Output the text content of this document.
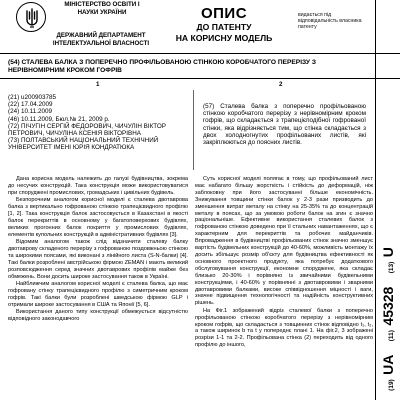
МІНІСТЕРСТВО ОСВІТИ І НАУКИ УКРАЇНИ
ДЕРЖАВНИЙ ДЕПАРТАМЕНТ ІНТЕЛЕКТУАЛЬНОЇ ВЛАСНОСТІ
ОПИС
ДО ПАТЕНТУ
НА КОРИСНУ МОДЕЛЬ
видається під відповідальність власника патенту
(54) СТАЛЕВА БАЛКА З ПОПЕРЕЧНО ПРОФІЛЬОВАНОЮ СТІНКОЮ КОРОБЧАТОГО ПЕРЕРІЗУ З НЕРІВНОМІРНИМ КРОКОМ ГОФРІВ
1	2
(21) u200903785
(22) 17.04.2009
(24) 10.11.2009
(46) 10.11.2009, Бюл.№ 21, 2009 р.
(72) ПІЧУГІН СЕРГІЙ ФЕДОРОВИЧ, ЧИЧУЛІН ВІКТОР ПЕТРОВИЧ, ЧИЧУЛІНА КСЕНІЯ ВІКТОРІВНА
(73) ПОЛТАВСЬКИЙ НАЦІОНАЛЬНИЙ ТЕХНІЧНИЙ УНІВЕРСИТЕТ ІМЕНІ ЮРІЯ КОНДРАТЮКА
(57) Сталева балка з поперечно профільованою стінкою коробчатого перерізу з нерівномірним кроком гофрів, що складається з трапецієподібної гофрованої стінки, яка відрізняється тим, що стінка складається з двох холодногнутих профільованих листів, які закріплюються до поясних листів.

Дана корисна модель належить до галузі будівництва, зокрема до несучих конструкцій. Така конструкція може використовуватися при споруджені промислових, громадських і цивільних будівель.

Безпорочним аналогом корисної моделі є сталева двотаврова балка з вертикально гофрованою стінкою трапецієвидного профілю [1, 2]. Така конструкція балок застосовується в Казахстані в якості балок перекриттів в основному у багатоповерхових будівлях, великих прогонних балок покриття у промислових будівлях, елементів купольних конструкцій в адміністративних будівлях [3].

Відомим аналогом також слід відзначити сталеву балку двотаврову складеного перерізу з гофрованою поздовжньою стінкою та широкими поясами, які виконані з лінійного листа (S-N-балки) [4]. Такі балки розроблені австрійською фірмою ZEMAN і мають великий розповсюдження серед значних двотаврових профілів майже без обмежень. Вони досить широке застосування також в Україні.

Найближчим аналогом корисної моделі є сталева балка, що має гофровану стінку трапецієвидного профілю з симетричним кроком гофрів. Такі балки були розроблені шведською фірмою GLP і отримали широке застосування в США та Японії [5, 6].

Використання даного типу конструкції обмежується відсутністю відповідного законодавчого

Суть корисної моделі полягає в тому, що профільований лист має набагато більшу жорсткість і стійкість до деформацій, ніж заблоковну при його застосуванні більше економічність. Знижування товщини стінки балок у 2-3 рази призводить до зменшення витрат металу на стінку на 25-35% та до концентрацій металу в поясах, що за умовою роботи балок на згин є значно раціональніше. Ефективне використання сталевих балок з гофрованою стінкою доведено при її стальних навантаженнях, що є характерним для перекриттів та робочих майданчиків. Впровадження в будівництві профільованих стінок значно зменшує вартість будівельних конструкцій до 40-60%, можливість монтажу їх досить збільшує розмір об'єкту для будівництва ефективності як основного проектного продукту, яка потребує додаткового обслуговування конструкції, економне споруджене, яка складає близько 20-30% і порівняно із звичайними будівельними конструкціями, і 40-60% у порівнянні з двотавровими і зварними двотавровими балками, високе співвідношення міцності і ваги, значне підвищення технологічності та надійність конструктивних рішень.

На Фіг.1 зображений відріз сталевої балки з поперечно профільованою стінкою коробчатого перерізу з нерівномірним кроком гофрів, що складається з товщинних стінок відповідно t₁, t₂, а також ширинок b та t у попереднє плані 1. На фіг.2, 3 зображені розрізи 1-1 та 2-2. Профільована стінка (2) переходить від одного профілю до іншого,

(19) UA   (11) 45328   (13) U
